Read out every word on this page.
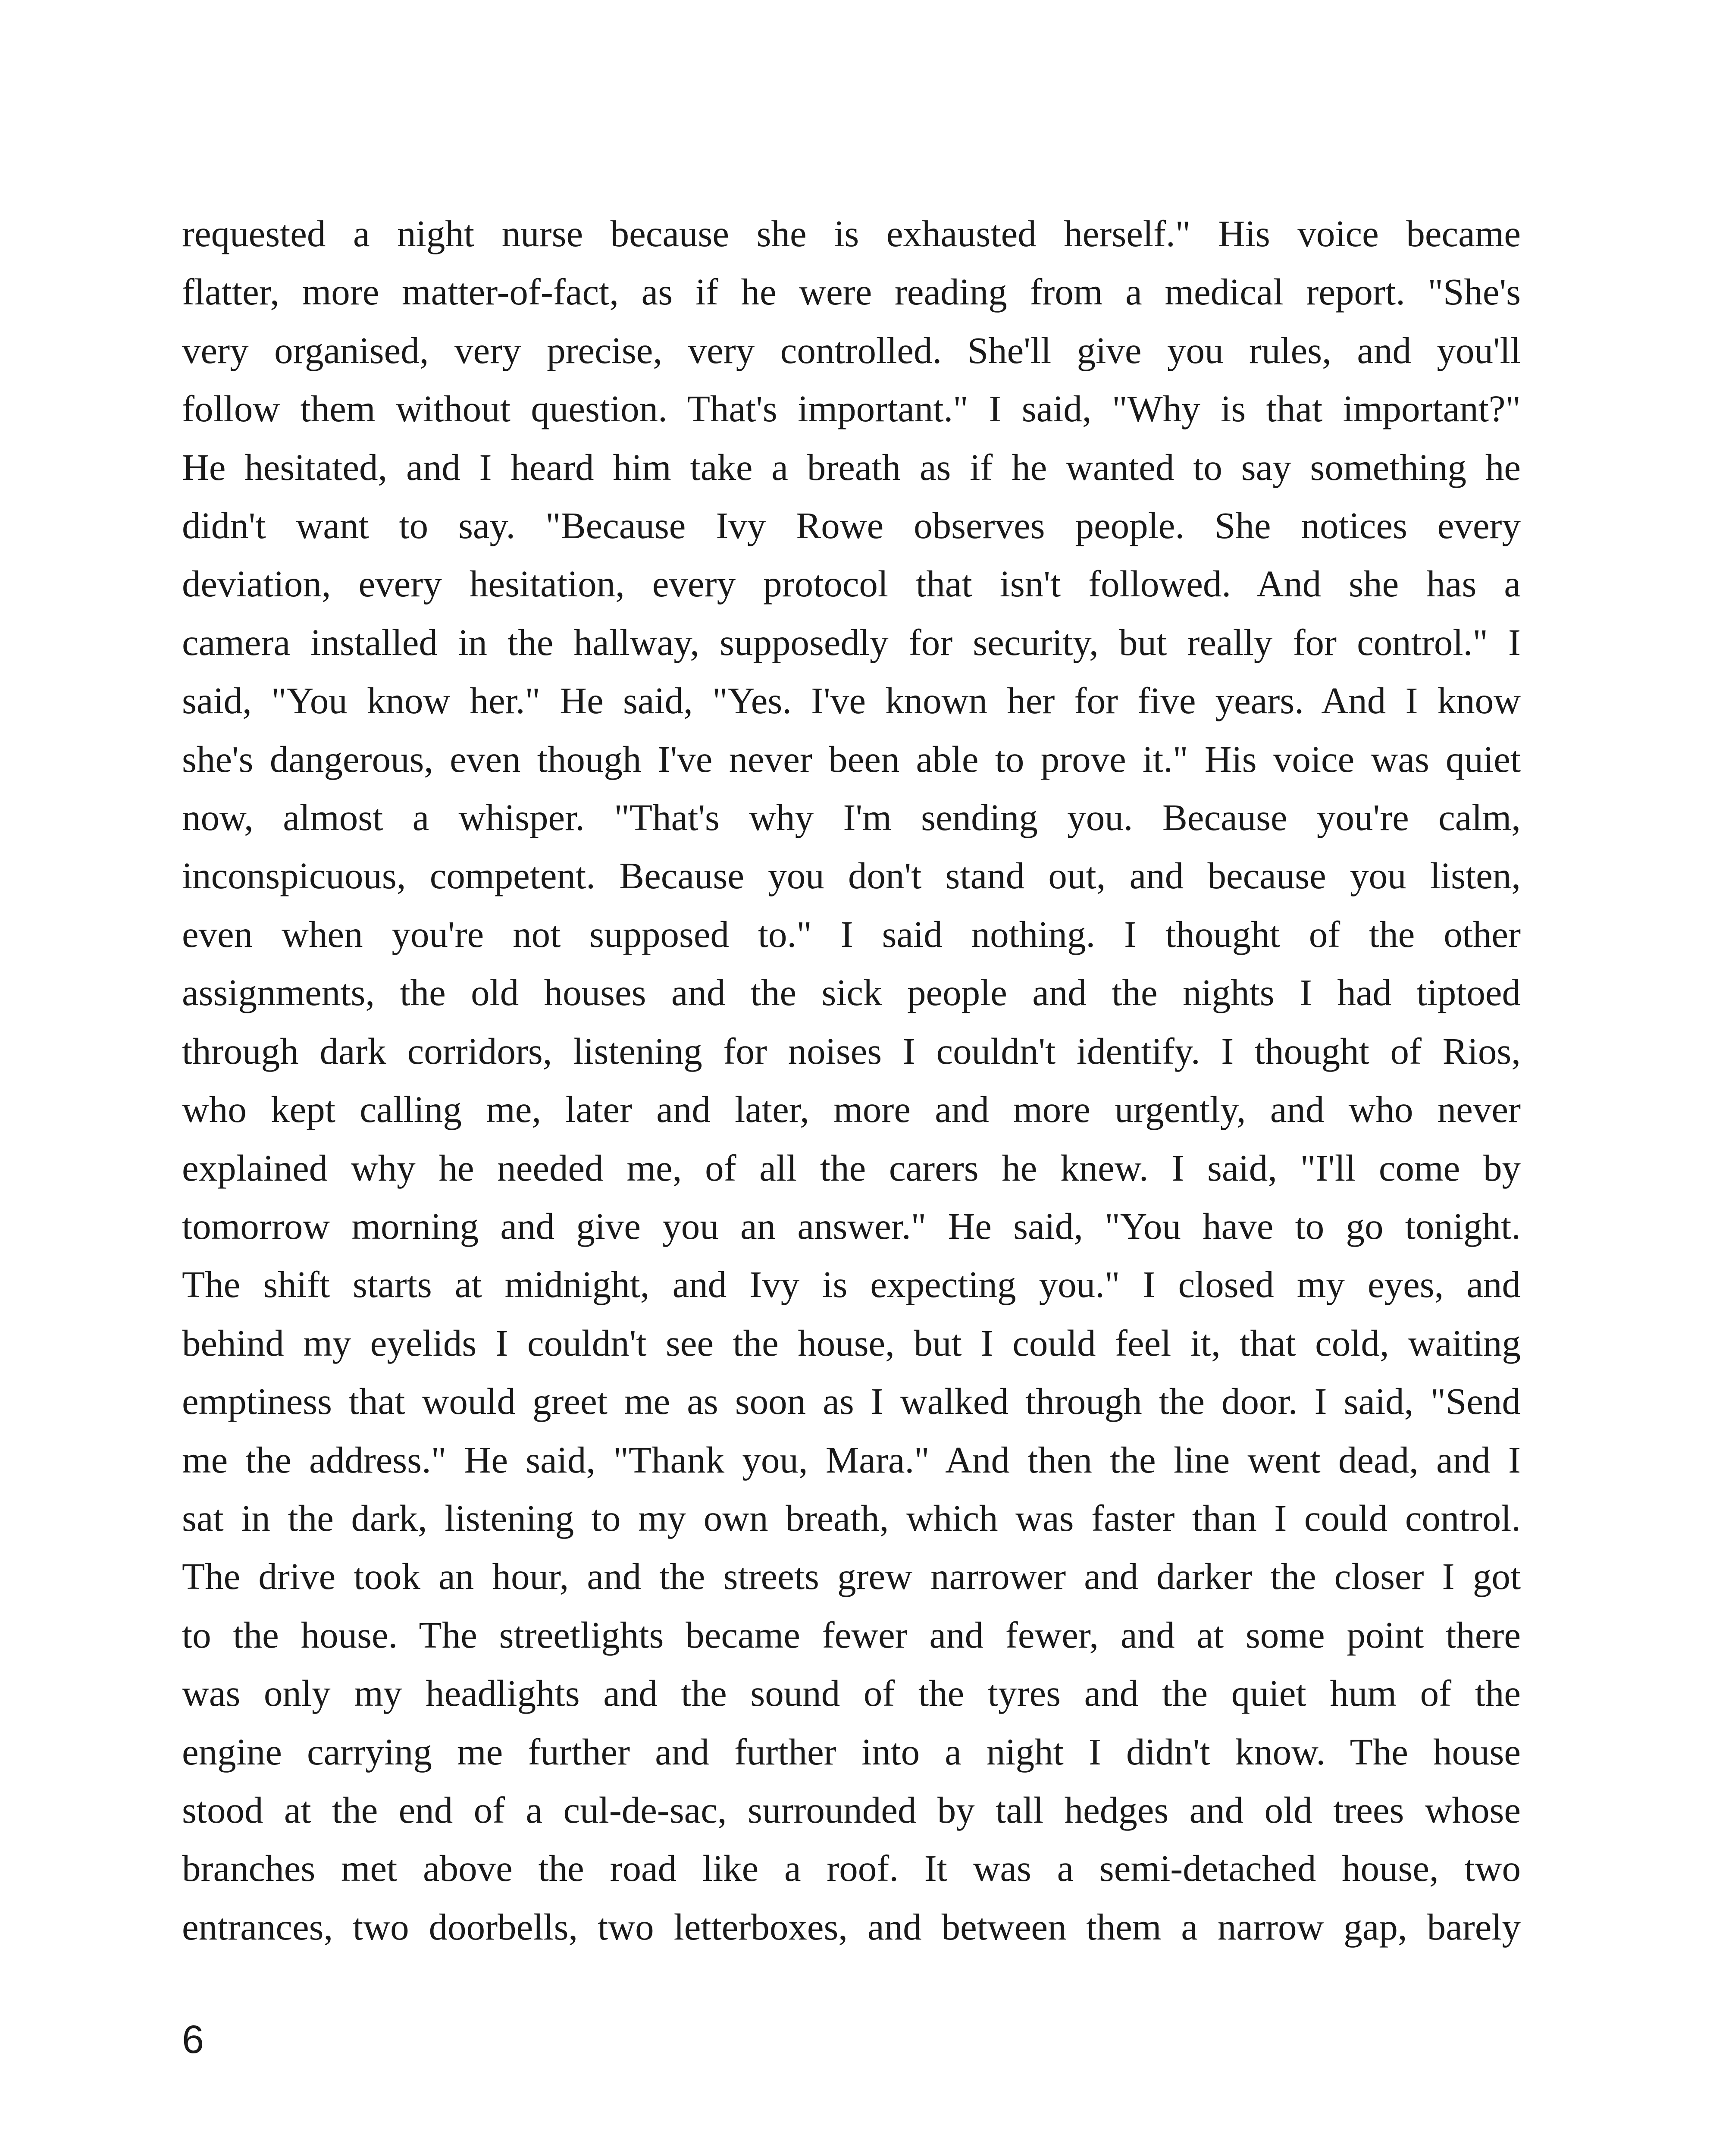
requested a night nurse because she is exhausted herself." His voice became
flatter, more matter-of-fact, as if he were reading from a medical report. "She's
very organised, very precise, very controlled. She'll give you rules, and you'll
follow them without question. That's important." I said, "Why is that important?"
He hesitated, and I heard him take a breath as if he wanted to say something he
didn't want to say. "Because Ivy Rowe observes people. She notices every
deviation, every hesitation, every protocol that isn't followed. And she has a
camera installed in the hallway, supposedly for security, but really for control." I
said, "You know her." He said, "Yes. I've known her for five years. And I know
she's dangerous, even though I've never been able to prove it." His voice was quiet
now, almost a whisper. "That's why I'm sending you. Because you're calm,
inconspicuous, competent. Because you don't stand out, and because you listen,
even when you're not supposed to." I said nothing. I thought of the other
assignments, the old houses and the sick people and the nights I had tiptoed
through dark corridors, listening for noises I couldn't identify. I thought of Rios,
who kept calling me, later and later, more and more urgently, and who never
explained why he needed me, of all the carers he knew. I said, "I'll come by
tomorrow morning and give you an answer." He said, "You have to go tonight.
The shift starts at midnight, and Ivy is expecting you." I closed my eyes, and
behind my eyelids I couldn't see the house, but I could feel it, that cold, waiting
emptiness that would greet me as soon as I walked through the door. I said, "Send
me the address." He said, "Thank you, Mara." And then the line went dead, and I
sat in the dark, listening to my own breath, which was faster than I could control.
The drive took an hour, and the streets grew narrower and darker the closer I got
to the house. The streetlights became fewer and fewer, and at some point there
was only my headlights and the sound of the tyres and the quiet hum of the
engine carrying me further and further into a night I didn't know. The house
stood at the end of a cul-de-sac, surrounded by tall hedges and old trees whose
branches met above the road like a roof. It was a semi-detached house, two
entrances, two doorbells, two letterboxes, and between them a narrow gap, barely
6
